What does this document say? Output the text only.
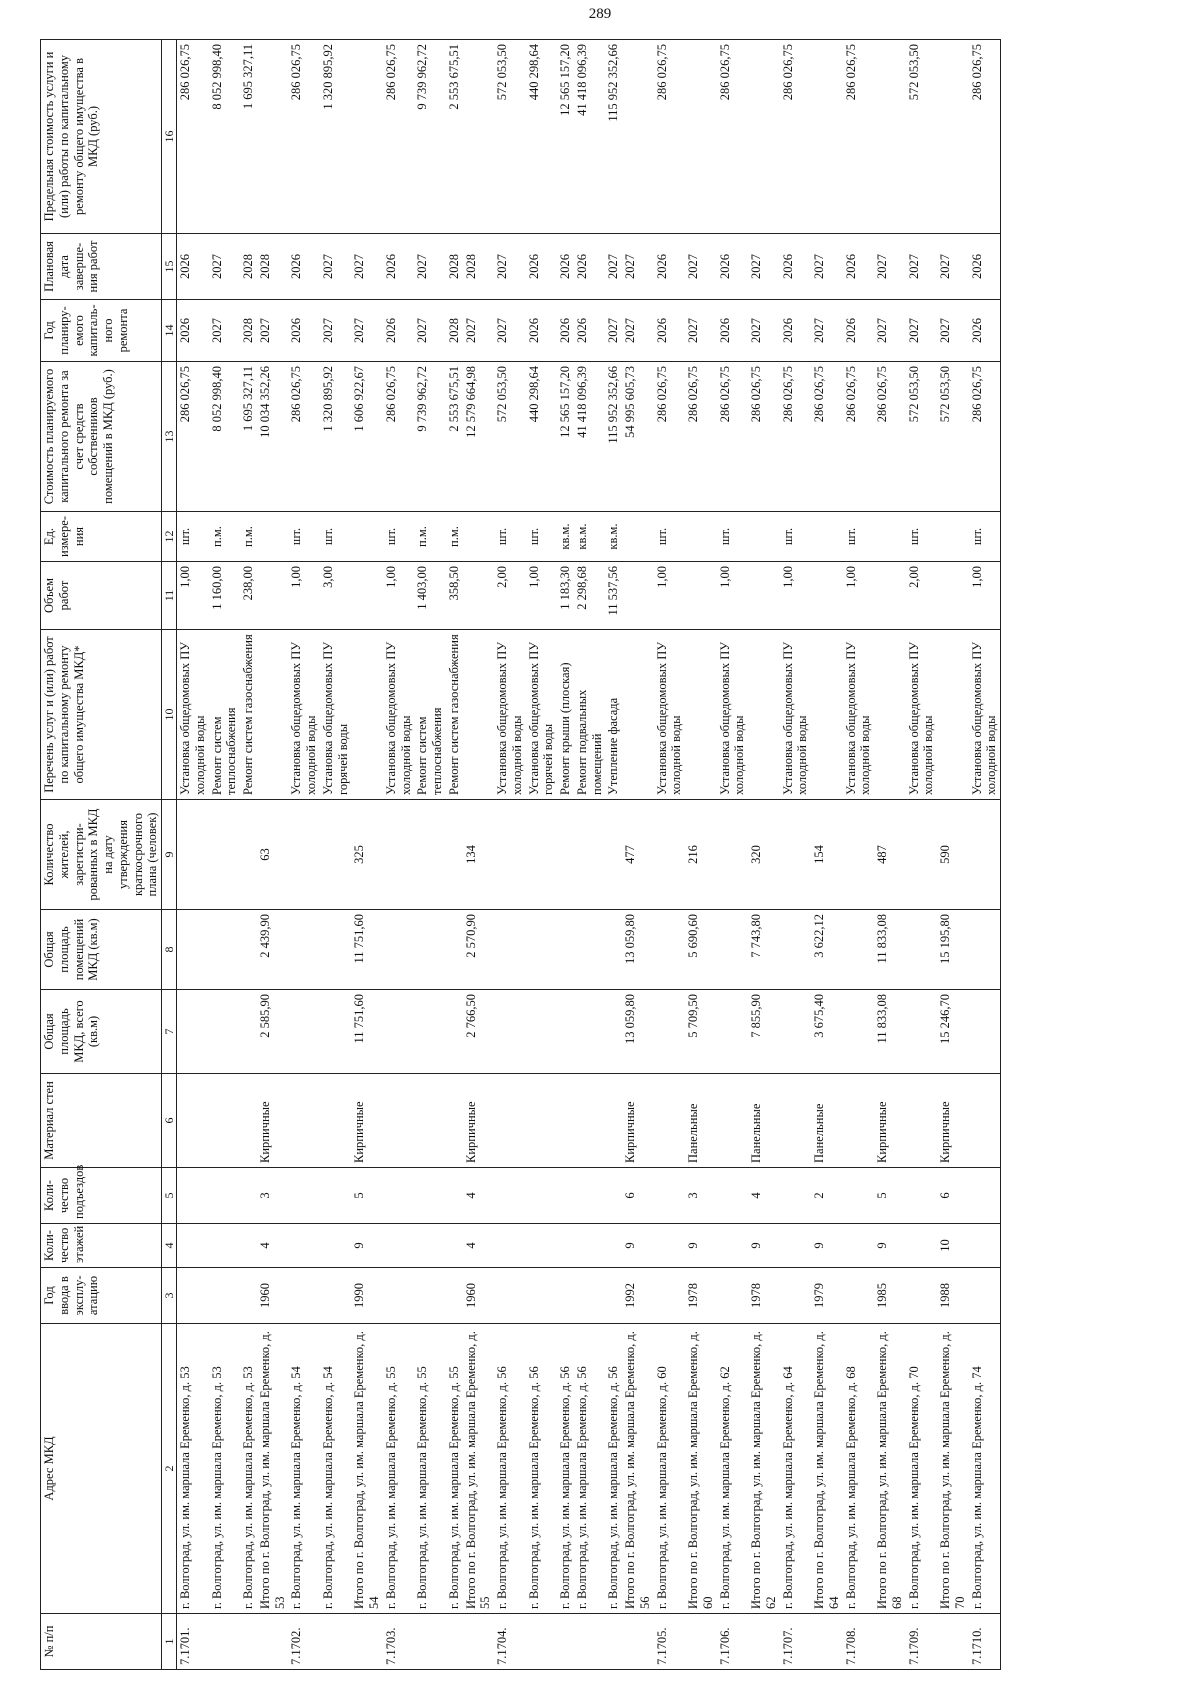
289
№ п/п	Адрес МКД	Год ввода в эксплу-атацию	Коли-чество этажей	Коли-чество подъездов	Материал стен	Общая площадь МКД, всего (кв.м)	Общая площадь помещений МКД (кв.м)	Количество жителей, зарегистри-рованных в МКД на дату утверждения краткосрочного плана (человек)	Перечень услуг и (или) работ по капитальному ремонту общего имущества МКД*	Объем работ	Ед. измере-ния	Стоимость планируемого капитального ремонта за счет средств собственников помещений в МКД (руб.)	Год планиру-емого капиталь-ного ремонта	Плановая дата заверше-ния работ	Предельная стоимость услуги и (или) работы по капитальному ремонту общего имущества в МКД (руб.)
1	2	3	4	5	6	7	8	9	10	11	12	13	14	15	16
7.1701.	г. Волгоград, ул. им. маршала Еременко, д. 53								Установка общедомовых ПУ холодной воды	1,00	шт.	286 026,75	2026	2026	286 026,75
	г. Волгоград, ул. им. маршала Еременко, д. 53								Ремонт систем теплоснабжения	1 160,00	п.м.	8 052 998,40	2027	2027	8 052 998,40
	г. Волгоград, ул. им. маршала Еременко, д. 53								Ремонт систем газоснабжения	238,00	п.м.	1 695 327,11	2028	2028	1 695 327,11
	Итого по г. Волгоград, ул. им. маршала Еременко, д. 53	1960	4	3	Кирпичные	2 585,90	2 439,90	63				10 034 352,26	2027	2028	
7.1702.	г. Волгоград, ул. им. маршала Еременко, д. 54								Установка общедомовых ПУ холодной воды	1,00	шт.	286 026,75	2026	2026	286 026,75
	г. Волгоград, ул. им. маршала Еременко, д. 54								Установка общедомовых ПУ горячей воды	3,00	шт.	1 320 895,92	2027	2027	1 320 895,92
	Итого по г. Волгоград, ул. им. маршала Еременко, д. 54	1990	9	5	Кирпичные	11 751,60	11 751,60	325				1 606 922,67	2027	2027	
7.1703.	г. Волгоград, ул. им. маршала Еременко, д. 55								Установка общедомовых ПУ холодной воды	1,00	шт.	286 026,75	2026	2026	286 026,75
	г. Волгоград, ул. им. маршала Еременко, д. 55								Ремонт систем теплоснабжения	1 403,00	п.м.	9 739 962,72	2027	2027	9 739 962,72
	г. Волгоград, ул. им. маршала Еременко, д. 55								Ремонт систем газоснабжения	358,50	п.м.	2 553 675,51	2028	2028	2 553 675,51
	Итого по г. Волгоград, ул. им. маршала Еременко, д. 55	1960	4	4	Кирпичные	2 766,50	2 570,90	134				12 579 664,98	2027	2028	
7.1704.	г. Волгоград, ул. им. маршала Еременко, д. 56								Установка общедомовых ПУ холодной воды	2,00	шт.	572 053,50	2027	2027	572 053,50
	г. Волгоград, ул. им. маршала Еременко, д. 56								Установка общедомовых ПУ горячей воды	1,00	шт.	440 298,64	2026	2026	440 298,64
	г. Волгоград, ул. им. маршала Еременко, д. 56								Ремонт крыши (плоская)	1 183,30	кв.м.	12 565 157,20	2026	2026	12 565 157,20
	г. Волгоград, ул. им. маршала Еременко, д. 56								Ремонт подвальных помещений	2 298,68	кв.м.	41 418 096,39	2026	2026	41 418 096,39
	г. Волгоград, ул. им. маршала Еременко, д. 56								Утепление фасада	11 537,56	кв.м.	115 952 352,66	2027	2027	115 952 352,66
	Итого по г. Волгоград, ул. им. маршала Еременко, д. 56	1992	9	6	Кирпичные	13 059,80	13 059,80	477				54 995 605,73	2027	2027	
7.1705.	г. Волгоград, ул. им. маршала Еременко, д. 60								Установка общедомовых ПУ холодной воды	1,00	шт.	286 026,75	2026	2026	286 026,75
	Итого по г. Волгоград, ул. им. маршала Еременко, д. 60	1978	9	3	Панельные	5 709,50	5 690,60	216				286 026,75	2027	2027	
7.1706.	г. Волгоград, ул. им. маршала Еременко, д. 62								Установка общедомовых ПУ холодной воды	1,00	шт.	286 026,75	2026	2026	286 026,75
	Итого по г. Волгоград, ул. им. маршала Еременко, д. 62	1978	9	4	Панельные	7 855,90	7 743,80	320				286 026,75	2027	2027	
7.1707.	г. Волгоград, ул. им. маршала Еременко, д. 64								Установка общедомовых ПУ холодной воды	1,00	шт.	286 026,75	2026	2026	286 026,75
	Итого по г. Волгоград, ул. им. маршала Еременко, д. 64	1979	9	2	Панельные	3 675,40	3 622,12	154				286 026,75	2027	2027	
7.1708.	г. Волгоград, ул. им. маршала Еременко, д. 68								Установка общедомовых ПУ холодной воды	1,00	шт.	286 026,75	2026	2026	286 026,75
	Итого по г. Волгоград, ул. им. маршала Еременко, д. 68	1985	9	5	Кирпичные	11 833,08	11 833,08	487				286 026,75	2027	2027	
7.1709.	г. Волгоград, ул. им. маршала Еременко, д. 70								Установка общедомовых ПУ холодной воды	2,00	шт.	572 053,50	2027	2027	572 053,50
	Итого по г. Волгоград, ул. им. маршала Еременко, д. 70	1988	10	6	Кирпичные	15 246,70	15 195,80	590				572 053,50	2027	2027	
7.1710.	г. Волгоград, ул. им. маршала Еременко, д. 74								Установка общедомовых ПУ холодной воды	1,00	шт.	286 026,75	2026	2026	286 026,75
